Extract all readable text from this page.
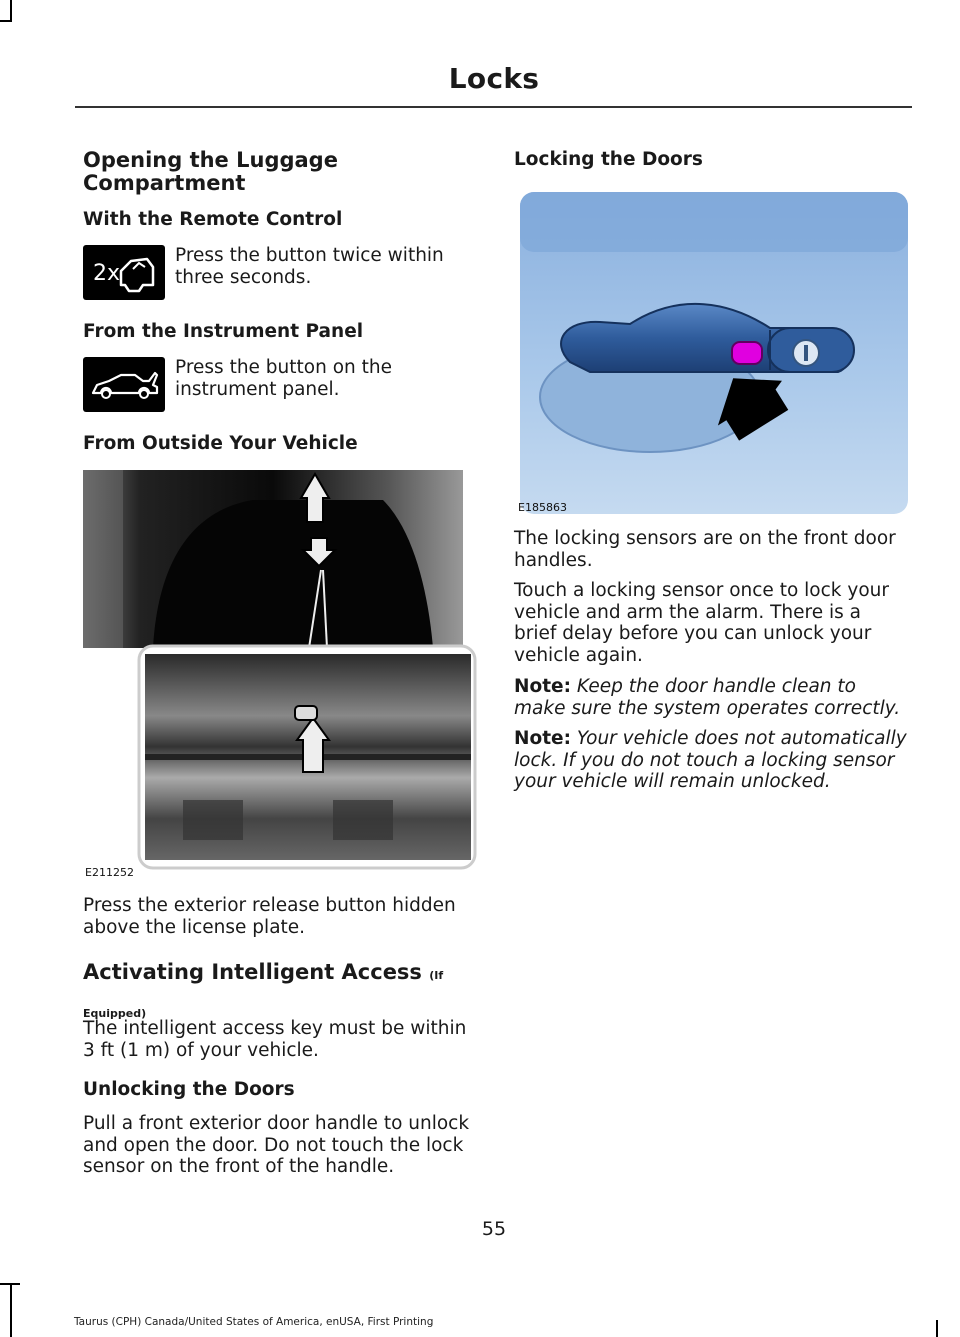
Locks
Opening the Luggage Compartment
With the Remote Control
2x
Press the button twice within three seconds.
From the Instrument Panel
Press the button on the instrument panel.
From Outside Your Vehicle
E211252
Press the exterior release button hidden above the license plate.
Activating Intelligent Access (If Equipped)
The intelligent access key must be within 3 ft (1 m) of your vehicle.
Unlocking the Doors
Pull a front exterior door handle to unlock and open the door. Do not touch the lock sensor on the front of the handle.
Locking the Doors
E185863
The locking sensors are on the front door handles.
Touch a locking sensor once to lock your vehicle and arm the alarm. There is a brief delay before you can unlock your vehicle again.
Note: Keep the door handle clean to make sure the system operates correctly.
Note: Your vehicle does not automatically lock. If you do not touch a locking sensor your vehicle will remain unlocked.
55
Taurus (CPH) Canada/United States of America, enUSA, First Printing
